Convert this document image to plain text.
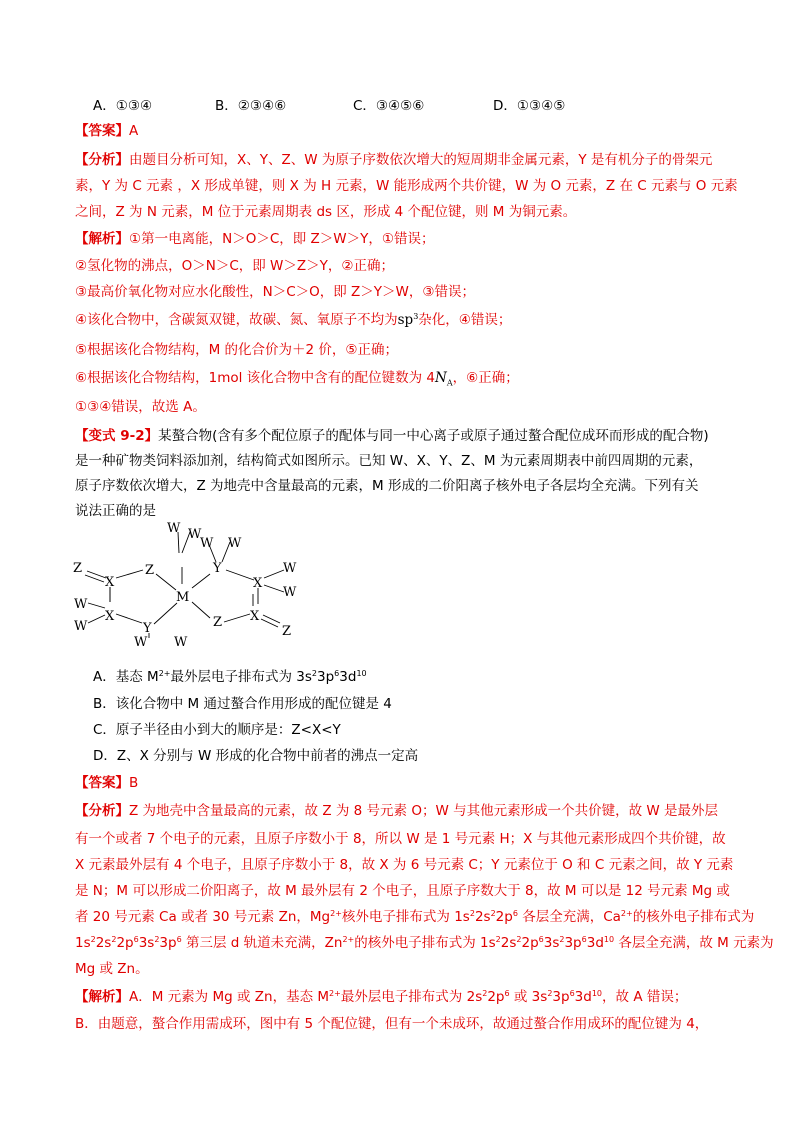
A．①③④	B．②③④⑥	C．③④⑤⑥	D．①③④⑤
【答案】A
【分析】由题目分析可知，X、Y、Z、W 为原子序数依次增大的短周期非金属元素，Y 是有机分子的骨架元
素，Y 为 C 元素 ，X 形成单键，则 X 为 H 元素，W 能形成两个共价键，W 为 O 元素，Z 在 C 元素与 O 元素
之间，Z 为 N 元素，M 位于元素周期表 ds 区，形成 4 个配位键，则 M 为铜元素。
【解析】①第一电离能，N＞O＞C，即 Z＞W＞Y，①错误；
②氢化物的沸点，O＞N＞C，即 W＞Z＞Y，②正确；
③最高价氧化物对应水化酸性，N＞C＞O，即 Z＞Y＞W，③错误；
④该化合物中，含碳氮双键，故碳、氮、氧原子不均为$sp^3$杂化，④错误；
⑤根据该化合物结构，M 的化合价为＋2 价，⑤正确；
⑥根据该化合物结构，1mol 该化合物中含有的配位键数为 $4N_A$，⑥正确；
①③④错误，故选 A。
【变式 9-2】某螯合物(含有多个配位原子的配体与同一中心离子或原子通过螯合配位成环而形成的配合物)
是一种矿物类饲料添加剂，结构简式如图所示。已知 W、X、Y、Z、M 为元素周期表中前四周期的元素，
原子序数依次增大，Z 为地壳中含量最高的元素，M 形成的二价阳离子核外电子各层均全充满。下列有关
说法正确的是
Z
X
Z
M
Y
X
W W
W W
W
W
W
W
W W
Y
X	Z
Z
X
A．基态 $M^{2+}$最外层电子排布式为 $3s^23p^63d^{10}$
B．该化合物中 M 通过螯合作用形成的配位键是 4
C．原子半径由小到大的顺序是：Z<X<Y
D．Z、X 分别与 W 形成的化合物中前者的沸点一定高
【答案】B
【分析】Z 为地壳中含量最高的元素，故 Z 为 8 号元素 O；W 与其他元素形成一个共价键，故 W 是最外层
有一个或者 7 个电子的元素，且原子序数小于 8，所以 W 是 1 号元素 H；X 与其他元素形成四个共价键，故
X 元素最外层有 4 个电子，且原子序数小于 8，故 X 为 6 号元素 C；Y 元素位于 O 和 C 元素之间，故 Y 元素
是 N；M 可以形成二价阳离子，故 M 最外层有 2 个电子，且原子序数大于 8，故 M 可以是 12 号元素 Mg 或
者 20 号元素 Ca 或者 30 号元素 Zn，$Mg^{2+}$核外电子排布式为 $1s^22s^22p^6$ 各层全充满，$Ca^{2+}$的核外电子排布式为
$1s^22s^22p^63s^23p^6$ 第三层 d 轨道未充满，$Zn^{2+}$的核外电子排布式为 $1s^22s^22p^63s^23p^63d^{10}$ 各层全充满，故 M 元素为
Mg 或 Zn。
【解析】A．M 元素为 Mg 或 Zn，基态 $M^{2+}$最外层电子排布式为 $2s^22p^6$ 或 $3s^23p^63d^{10}$，故 A 错误；
B．由题意，螯合作用需成环，图中有 5 个配位键，但有一个未成环，故通过螯合作用成环的配位键为 4，
